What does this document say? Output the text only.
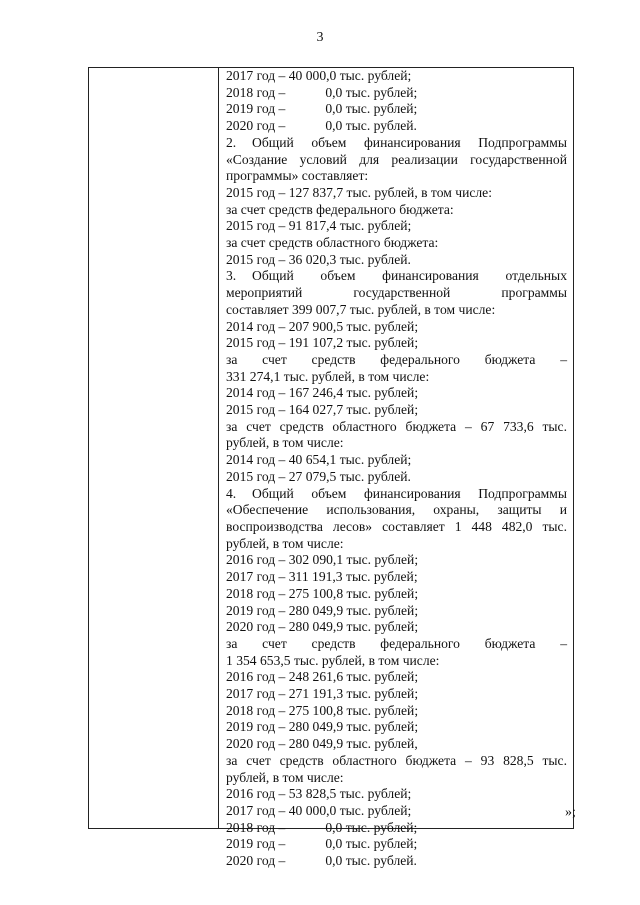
3
2017 год – 40 000,0 тыс. рублей;
2018 год –	0,0 тыс. рублей;
2019 год –	0,0 тыс. рублей;
2020 год –	0,0 тыс. рублей.
2. Общий объем финансирования Подпрограммы
«Создание условий для реализации государственной
программы» составляет:
2015 год – 127 837,7 тыс. рублей, в том числе:
за счет средств федерального бюджета:
2015 год – 91 817,4 тыс. рублей;
за счет средств областного бюджета:
2015 год – 36 020,3 тыс. рублей.
3. Общий объем финансирования отдельных
мероприятий государственной программы
составляет 399 007,7 тыс. рублей, в том числе:
2014 год – 207 900,5 тыс. рублей;
2015 год – 191 107,2 тыс. рублей;
за счет средств федерального бюджета –
331 274,1 тыс. рублей, в том числе:
2014 год – 167 246,4 тыс. рублей;
2015 год – 164 027,7 тыс. рублей;
за счет средств областного бюджета – 67 733,6 тыс.
рублей, в том числе:
2014 год – 40 654,1 тыс. рублей;
2015 год – 27 079,5 тыс. рублей.
4. Общий объем финансирования Подпрограммы
«Обеспечение использования, охраны, защиты и
воспроизводства лесов» составляет 1 448 482,0 тыс.
рублей, в том числе:
2016 год – 302 090,1 тыс. рублей;
2017 год – 311 191,3 тыс. рублей;
2018 год – 275 100,8 тыс. рублей;
2019 год – 280 049,9 тыс. рублей;
2020 год – 280 049,9 тыс. рублей;
за счет средств федерального бюджета –
1 354 653,5 тыс. рублей, в том числе:
2016 год – 248 261,6 тыс. рублей;
2017 год – 271 191,3 тыс. рублей;
2018 год – 275 100,8 тыс. рублей;
2019 год – 280 049,9 тыс. рублей;
2020 год – 280 049,9 тыс. рублей,
за счет средств областного бюджета – 93 828,5 тыс.
рублей, в том числе:
2016 год – 53 828,5 тыс. рублей;
2017 год – 40 000,0 тыс. рублей;
2018 год –	0,0 тыс. рублей;
2019 год –	0,0 тыс. рублей;
2020 год –	0,0 тыс. рублей.
»;
